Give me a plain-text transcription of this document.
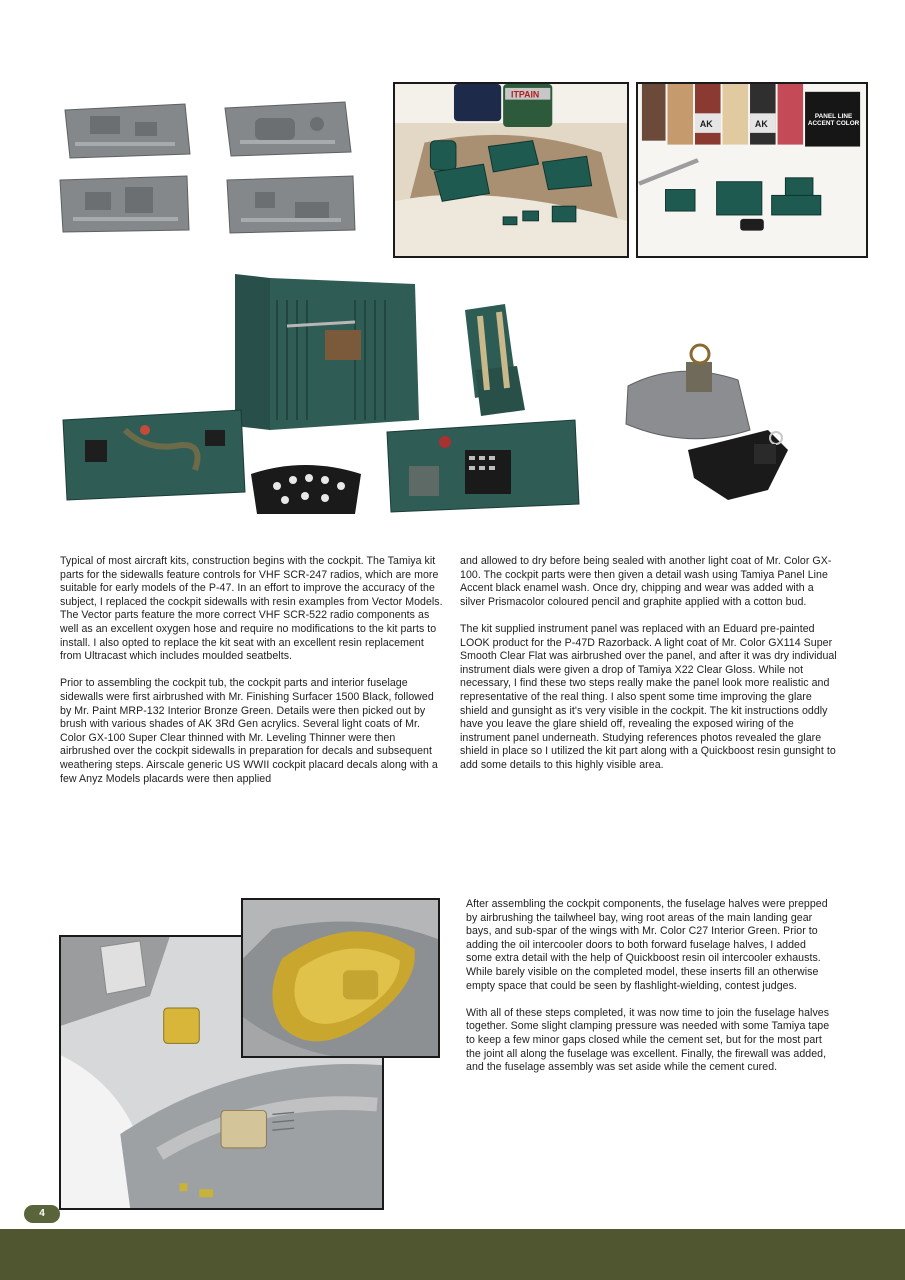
ITPAIN
AK	AK
PANEL LINE ACCENT COLOR

Typical of most aircraft kits, construction begins with the cockpit. The Tamiya kit parts for the sidewalls feature controls for VHF SCR-247 radios, which are more suitable for early models of the P-47. In an effort to improve the accuracy of the subject, I replaced the cockpit sidewalls with resin examples from Vector Models. The Vector parts feature the more correct VHF SCR-522 radio components as well as an excellent oxygen hose and require no modifications to the kit parts to install. I also opted to replace the kit seat with an excellent resin replacement from Ultracast which includes moulded seatbelts.

Prior to assembling the cockpit tub, the cockpit parts and interior fuselage sidewalls were first airbrushed with Mr. Finishing Surfacer 1500 Black, followed by Mr. Paint MRP-132 Interior Bronze Green. Details were then picked out by brush with various shades of AK 3Rd Gen acrylics. Several light coats of Mr. Color GX-100 Super Clear thinned with Mr. Leveling Thinner were then airbrushed over the cockpit sidewalls in preparation for decals and subsequent weathering steps. Airscale generic US WWII cockpit placard decals along with a few Anyz Models placards were then applied

and allowed to dry before being sealed with another light coat of Mr. Color GX-100. The cockpit parts were then given a detail wash using Tamiya Panel Line Accent black enamel wash. Once dry, chipping and wear was added with a silver Prismacolor coloured pencil and graphite applied with a cotton bud.

The kit supplied instrument panel was replaced with an Eduard pre-painted LOOK product for the P-47D Razorback. A light coat of Mr. Color GX114 Super Smooth Clear Flat was airbrushed over the panel, and after it was dry individual instrument dials were given a drop of Tamiya X22 Clear Gloss. While not necessary, I find these two steps really make the panel look more realistic and representative of the real thing. I also spent some time improving the glare shield and gunsight as it's very visible in the cockpit. The kit instructions oddly have you leave the glare shield off, revealing the exposed wiring of the instrument panel underneath. Studying references photos revealed the glare shield in place so I utilized the kit part along with a Quickboost resin gunsight to add some details to this highly visible area.

After assembling the cockpit components, the fuselage halves were prepped by airbrushing the tailwheel bay, wing root areas of the main landing gear bays, and sub-spar of the wings with Mr. Color C27 Interior Green. Prior to adding the oil intercooler doors to both forward fuselage halves, I added some extra detail with the help of Quickboost resin oil intercooler exhausts. While barely visible on the completed model, these inserts fill an otherwise empty space that could be seen by flashlight-wielding, contest judges.

With all of these steps completed, it was now time to join the fuselage halves together. Some slight clamping pressure was needed with some Tamiya tape to keep a few minor gaps closed while the cement set, but for the most part the joint all along the fuselage was excellent. Finally, the firewall was added, and the fuselage assembly was set aside while the cement cured.

4
